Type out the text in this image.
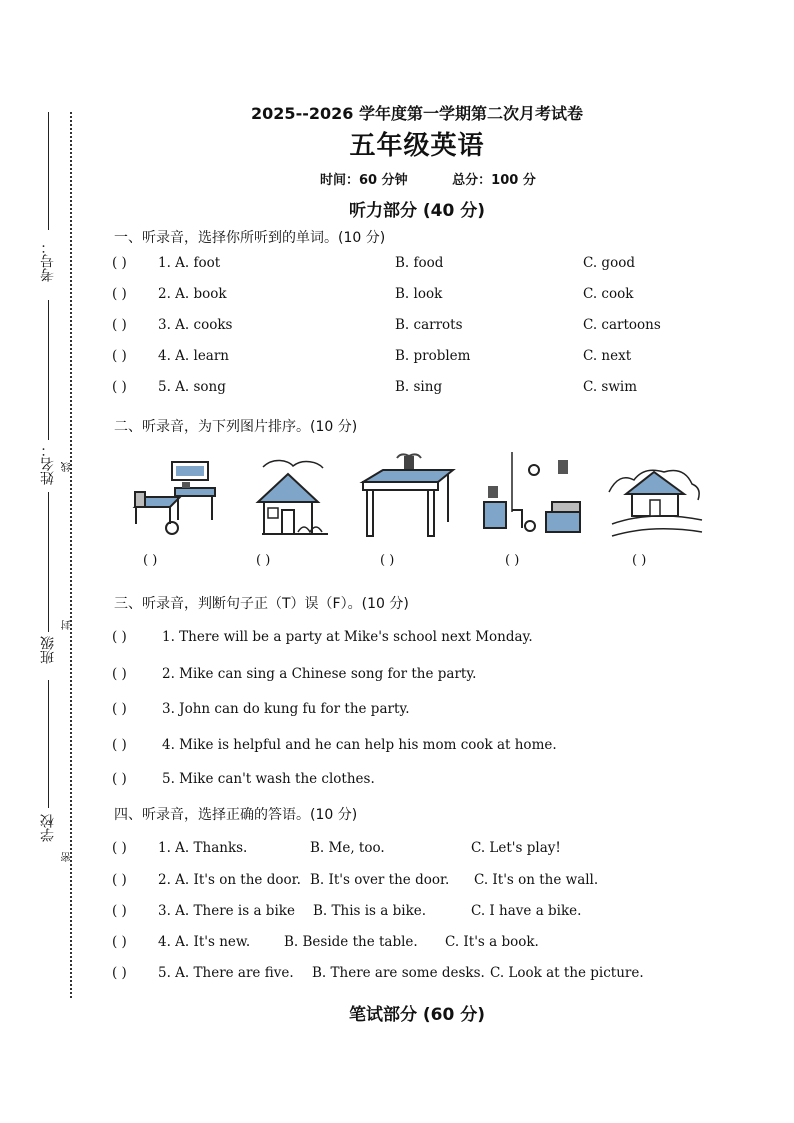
考号：
姓名： 线
封
班级
学校
密
2025--2026 学年度第一学期第二次月考试卷
五年级英语
时间：60 分钟	总分：100 分
听力部分 (40 分)
一、听录音，选择你所听到的单词。(10 分)
( )	1. A. foot	B. food	C. good
( )	2. A. book	B. look	C. cook
( )	3. A. cooks	B. carrots	C. cartoons
( )	4. A. learn	B. problem	C. next
( )	5. A. song	B. sing	C. swim
二、听录音，为下列图片排序。(10 分)
( )	( )	( )	( )	( )
三、听录音，判断句子正（T）误（F）。(10 分)
( )	1. There will be a party at Mike's school next Monday.
( )	2. Mike can sing a Chinese song for the party.
( )	3. John can do kung fu for the party.
( )	4. Mike is helpful and he can help his mom cook at home.
( )	5. Mike can't wash the clothes.
四、听录音，选择正确的答语。(10 分)
( )	1. A. Thanks.	B. Me, too.	C. Let's play!
( )	2. A. It's on the door. B. It's over the door. C. It's on the wall.
( )	3. A. There is a bike B. This is a bike.	C. I have a bike.
( )	4. A. It's new.	B. Beside the table. C. It's a book.
( )	5. A. There are five. B. There are some desks. C. Look at the picture.
笔试部分 (60 分)
